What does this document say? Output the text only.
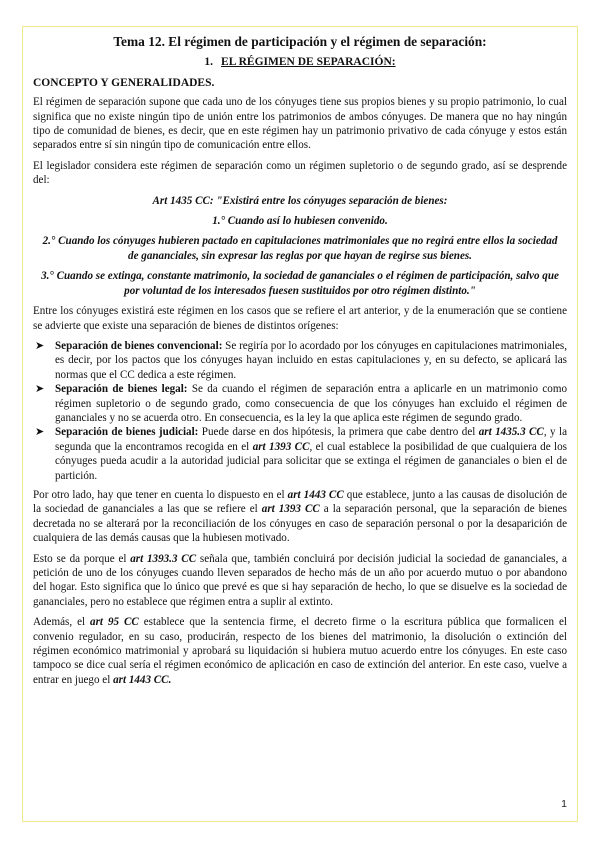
Tema 12. El régimen de participación y el régimen de separación:
1. EL RÉGIMEN DE SEPARACIÓN:
CONCEPTO Y GENERALIDADES.

El régimen de separación supone que cada uno de los cónyuges tiene sus propios bienes y su propio patrimonio, lo cual significa que no existe ningún tipo de unión entre los patrimonios de ambos cónyuges. De manera que no hay ningún tipo de comunidad de bienes, es decir, que en este régimen hay un patrimonio privativo de cada cónyuge y estos están separados entre sí sin ningún tipo de comunicación entre ellos.

El legislador considera este régimen de separación como un régimen supletorio o de segundo grado, así se desprende del:

Art 1435 CC: "Existirá entre los cónyuges separación de bienes:

1.° Cuando así lo hubiesen convenido.

2.° Cuando los cónyuges hubieren pactado en capitulaciones matrimoniales que no regirá entre ellos la sociedad de gananciales, sin expresar las reglas por que hayan de regirse sus bienes.

3.° Cuando se extinga, constante matrimonio, la sociedad de gananciales o el régimen de participación, salvo que por voluntad de los interesados fuesen sustituidos por otro régimen distinto."

Entre los cónyuges existirá este régimen en los casos que se refiere el art anterior, y de la enumeración que se contiene se advierte que existe una separación de bienes de distintos orígenes:

➤ Separación de bienes convencional: Se regiría por lo acordado por los cónyuges en capitulaciones matrimoniales, es decir, por los pactos que los cónyuges hayan incluido en estas capitulaciones y, en su defecto, se aplicará las normas que el CC dedica a este régimen.
➤ Separación de bienes legal: Se da cuando el régimen de separación entra a aplicarle en un matrimonio como régimen supletorio o de segundo grado, como consecuencia de que los cónyuges han excluido el régimen de gananciales y no se acuerda otro. En consecuencia, es la ley la que aplica este régimen de segundo grado.
➤ Separación de bienes judicial: Puede darse en dos hipótesis, la primera que cabe dentro del art 1435.3 CC, y la segunda que la encontramos recogida en el art 1393 CC, el cual establece la posibilidad de que cualquiera de los cónyuges pueda acudir a la autoridad judicial para solicitar que se extinga el régimen de gananciales o bien el de partición.

Por otro lado, hay que tener en cuenta lo dispuesto en el art 1443 CC que establece, junto a las causas de disolución de la sociedad de gananciales a las que se refiere el art 1393 CC a la separación personal, que la separación de bienes decretada no se alterará por la reconciliación de los cónyuges en caso de separación personal o por la desaparición de cualquiera de las demás causas que la hubiesen motivado.

Esto se da porque el art 1393.3 CC señala que, también concluirá por decisión judicial la sociedad de gananciales, a petición de uno de los cónyuges cuando lleven separados de hecho más de un año por acuerdo mutuo o por abandono del hogar. Esto significa que lo único que prevé es que si hay separación de hecho, lo que se disuelve es la sociedad de gananciales, pero no establece que régimen entra a suplir al extinto.

Además, el art 95 CC establece que la sentencia firme, el decreto firme o la escritura pública que formalicen el convenio regulador, en su caso, producirán, respecto de los bienes del matrimonio, la disolución o extinción del régimen económico matrimonial y aprobará su liquidación si hubiera mutuo acuerdo entre los cónyuges. En este caso tampoco se dice cual sería el régimen económico de aplicación en caso de extinción del anterior. En este caso, vuelve a entrar en juego el art 1443 CC.

1
